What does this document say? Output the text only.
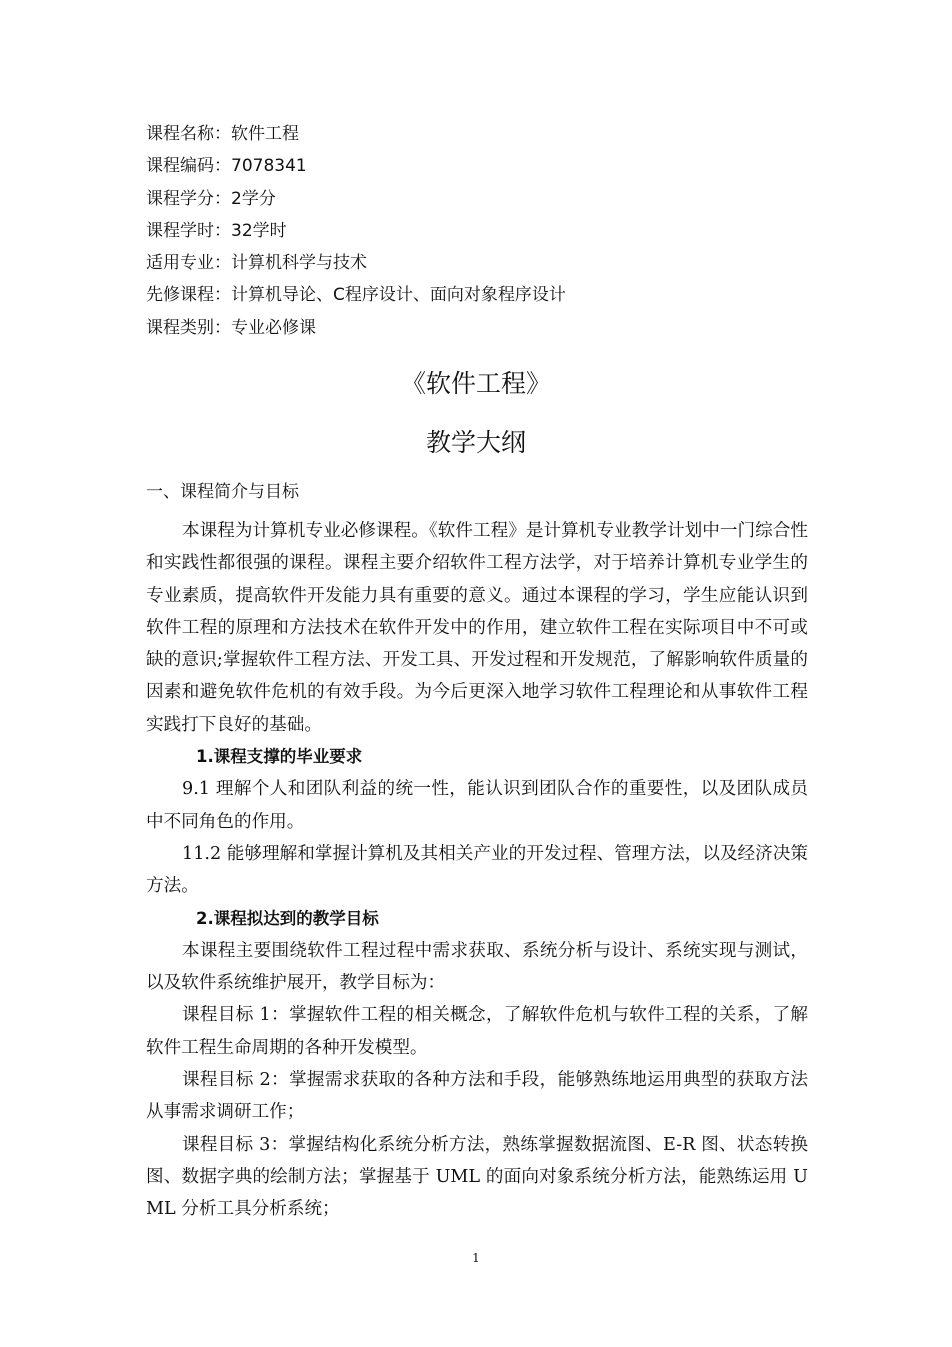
课程名称：软件工程
课程编码：7078341
课程学分：2学分
课程学时：32学时
适用专业：计算机科学与技术
先修课程：计算机导论、C程序设计、面向对象程序设计
课程类别：专业必修课
《软件工程》
教学大纲
一、课程简介与目标

本课程为计算机专业必修课程。《软件工程》是计算机专业教学计划中一门综合性和实践性都很强的课程。课程主要介绍软件工程方法学，对于培养计算机专业学生的专业素质，提高软件开发能力具有重要的意义。通过本课程的学习，学生应能认识到软件工程的原理和方法技术在软件开发中的作用，建立软件工程在实际项目中不可或缺的意识;掌握软件工程方法、开发工具、开发过程和开发规范，了解影响软件质量的因素和避免软件危机的有效手段。为今后更深入地学习软件工程理论和从事软件工程实践打下良好的基础。

1.课程支撑的毕业要求

9.1 理解个人和团队利益的统一性，能认识到团队合作的重要性，以及团队成员中不同角色的作用。

11.2 能够理解和掌握计算机及其相关产业的开发过程、管理方法，以及经济决策方法。

2.课程拟达到的教学目标

本课程主要围绕软件工程过程中需求获取、系统分析与设计、系统实现与测试，以及软件系统维护展开，教学目标为：

课程目标 1：掌握软件工程的相关概念，了解软件危机与软件工程的关系，了解软件工程生命周期的各种开发模型。

课程目标 2：掌握需求获取的各种方法和手段，能够熟练地运用典型的获取方法从事需求调研工作；

课程目标 3：掌握结构化系统分析方法，熟练掌握数据流图、E-R 图、状态转换图、数据字典的绘制方法；掌握基于 UML 的面向对象系统分析方法，能熟练运用 UML 分析工具分析系统；

1
